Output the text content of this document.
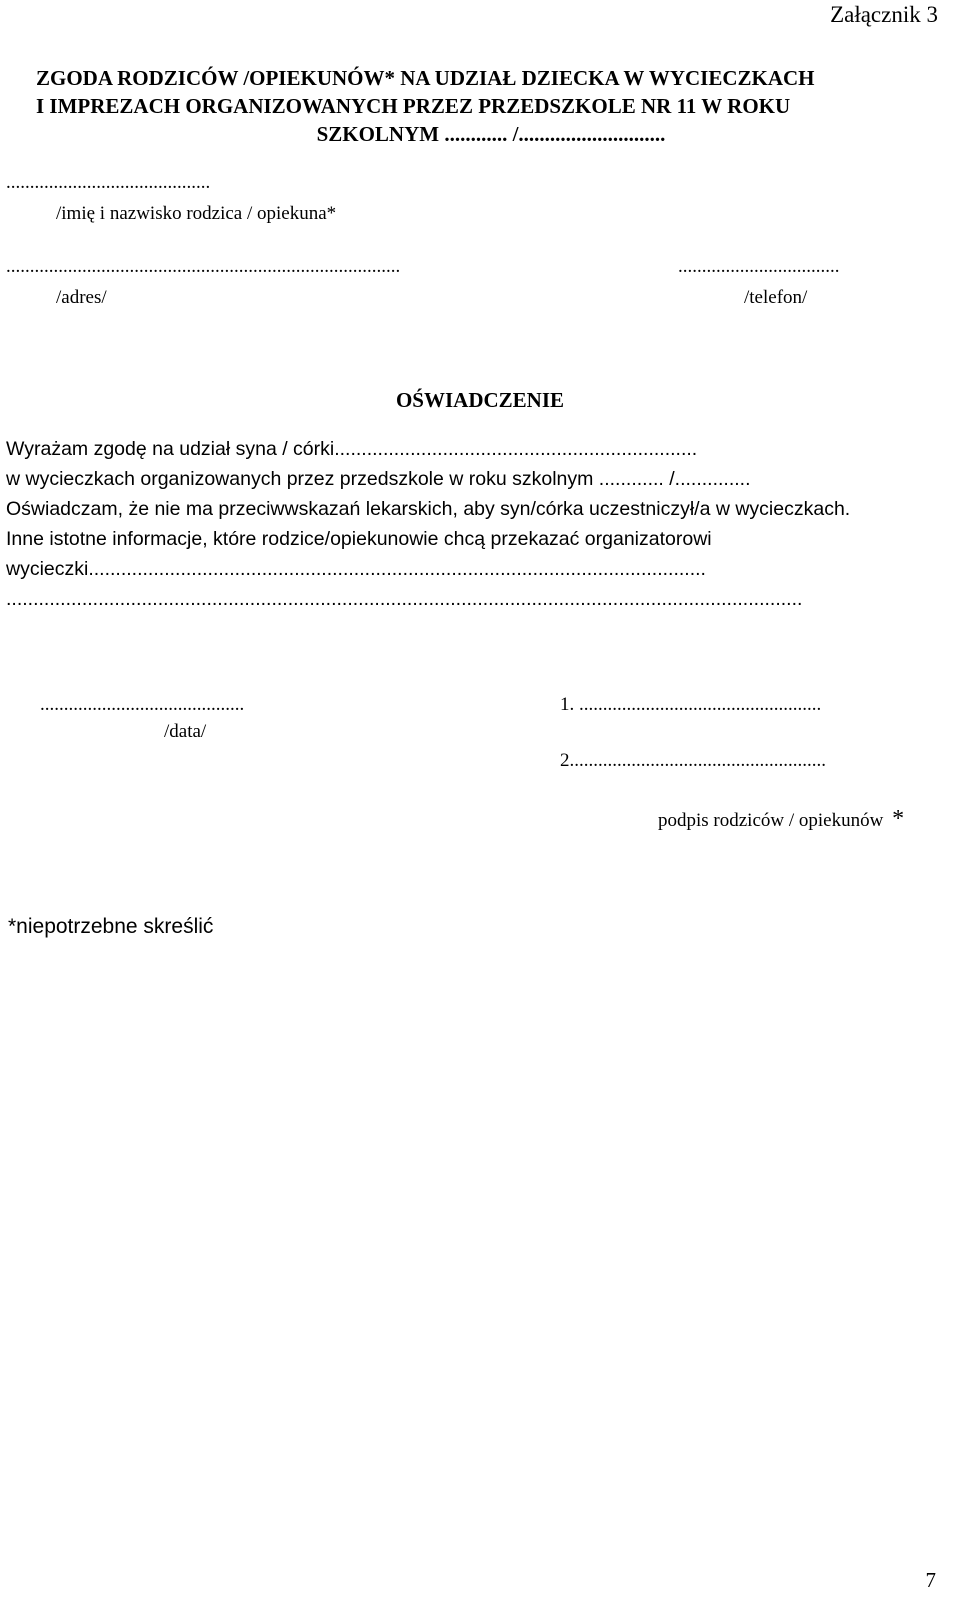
Załącznik 3
ZGODA RODZICÓW /OPIEKUNÓW* NA UDZIAŁ DZIECKA W WYCIECZKACH
I IMPREZACH ORGANIZOWANYCH PRZEZ PRZEDSZKOLE NR 11 W ROKU
SZKOLNYM ............ /............................
...........................................
/imię i nazwisko rodzica / opiekuna*
...................................................................................
/adres/
..................................
/telefon/
OŚWIADCZENIE
Wyrażam zgodę na udział syna / córki...................................................................
w wycieczkach organizowanych przez przedszkole w roku szkolnym ............ /..............
Oświadczam, że nie ma przeciwwskazań lekarskich, aby syn/córka uczestniczył/a w wycieczkach.
Inne istotne informacje, które rodzice/opiekunowie chcą przekazać organizatorowi wycieczki..................................................................................................................
...................................................................................................................................................
...........................................
/data/
1. ...................................................
2......................................................
podpis rodziców / opiekunów *
*niepotrzebne skreślić
7
